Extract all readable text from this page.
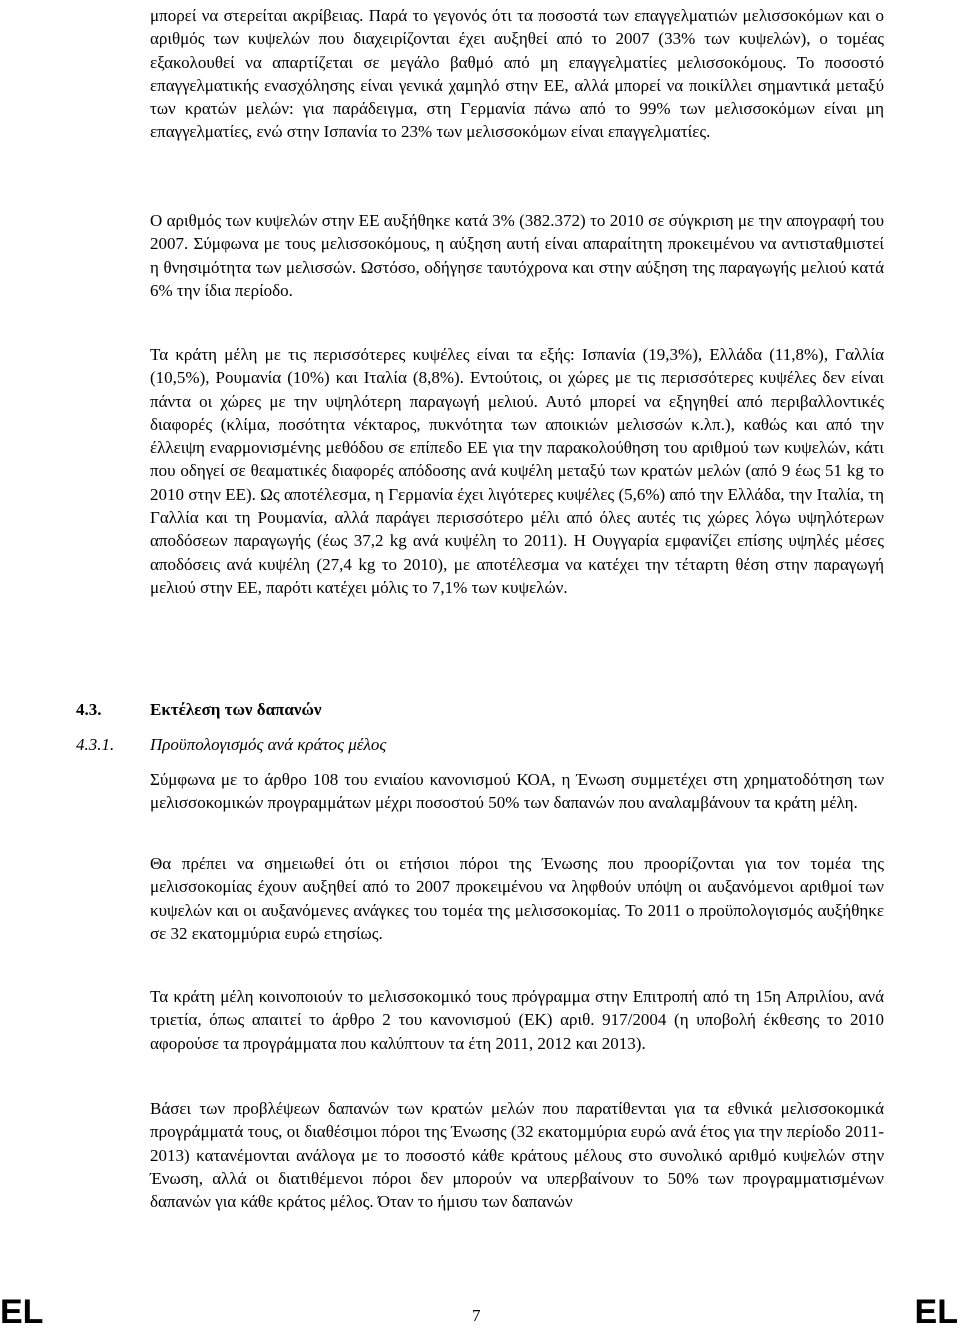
μπορεί να στερείται ακρίβειας. Παρά το γεγονός ότι τα ποσοστά των επαγγελματιών μελισσοκόμων και ο αριθμός των κυψελών που διαχειρίζονται έχει αυξηθεί από το 2007 (33% των κυψελών), ο τομέας εξακολουθεί να απαρτίζεται σε μεγάλο βαθμό από μη επαγγελματίες μελισσοκόμους. Το ποσοστό επαγγελματικής ενασχόλησης είναι γενικά χαμηλό στην ΕΕ, αλλά μπορεί να ποικίλλει σημαντικά μεταξύ των κρατών μελών: για παράδειγμα, στη Γερμανία πάνω από το 99% των μελισσοκόμων είναι μη επαγγελματίες, ενώ στην Ισπανία το 23% των μελισσοκόμων είναι επαγγελματίες.

Ο αριθμός των κυψελών στην ΕΕ αυξήθηκε κατά 3% (382.372) το 2010 σε σύγκριση με την απογραφή του 2007. Σύμφωνα με τους μελισσοκόμους, η αύξηση αυτή είναι απαραίτητη προκειμένου να αντισταθμιστεί η θνησιμότητα των μελισσών. Ωστόσο, οδήγησε ταυτόχρονα και στην αύξηση της παραγωγής μελιού κατά 6% την ίδια περίοδο.

Τα κράτη μέλη με τις περισσότερες κυψέλες είναι τα εξής: Ισπανία (19,3%), Ελλάδα (11,8%), Γαλλία (10,5%), Ρουμανία (10%) και Ιταλία (8,8%). Εντούτοις, οι χώρες με τις περισσότερες κυψέλες δεν είναι πάντα οι χώρες με την υψηλότερη παραγωγή μελιού. Αυτό μπορεί να εξηγηθεί από περιβαλλοντικές διαφορές (κλίμα, ποσότητα νέκταρος, πυκνότητα των αποικιών μελισσών κ.λπ.), καθώς και από την έλλειψη εναρμονισμένης μεθόδου σε επίπεδο ΕΕ για την παρακολούθηση του αριθμού των κυψελών, κάτι που οδηγεί σε θεαματικές διαφορές απόδοσης ανά κυψέλη μεταξύ των κρατών μελών (από 9 έως 51 kg το 2010 στην ΕΕ). Ως αποτέλεσμα, η Γερμανία έχει λιγότερες κυψέλες (5,6%) από την Ελλάδα, την Ιταλία, τη Γαλλία και τη Ρουμανία, αλλά παράγει περισσότερο μέλι από όλες αυτές τις χώρες λόγω υψηλότερων αποδόσεων παραγωγής (έως 37,2 kg ανά κυψέλη το 2011). Η Ουγγαρία εμφανίζει επίσης υψηλές μέσες αποδόσεις ανά κυψέλη (27,4 kg το 2010), με αποτέλεσμα να κατέχει την τέταρτη θέση στην παραγωγή μελιού στην ΕΕ, παρότι κατέχει μόλις το 7,1% των κυψελών.

4.3.	Εκτέλεση των δαπανών
4.3.1. Προϋπολογισμός ανά κράτος μέλος

Σύμφωνα με το άρθρο 108 του ενιαίου κανονισμού ΚΟΑ, η Ένωση συμμετέχει στη χρηματοδότηση των μελισσοκομικών προγραμμάτων μέχρι ποσοστού 50% των δαπανών που αναλαμβάνουν τα κράτη μέλη.

Θα πρέπει να σημειωθεί ότι οι ετήσιοι πόροι της Ένωσης που προορίζονται για τον τομέα της μελισσοκομίας έχουν αυξηθεί από το 2007 προκειμένου να ληφθούν υπόψη οι αυξανόμενοι αριθμοί των κυψελών και οι αυξανόμενες ανάγκες του τομέα της μελισσοκομίας. Το 2011 ο προϋπολογισμός αυξήθηκε σε 32 εκατομμύρια ευρώ ετησίως.

Τα κράτη μέλη κοινοποιούν το μελισσοκομικό τους πρόγραμμα στην Επιτροπή από τη 15η Απριλίου, ανά τριετία, όπως απαιτεί το άρθρο 2 του κανονισμού (ΕΚ) αριθ. 917/2004 (η υποβολή έκθεσης το 2010 αφορούσε τα προγράμματα που καλύπτουν τα έτη 2011, 2012 και 2013).

Βάσει των προβλέψεων δαπανών των κρατών μελών που παρατίθενται για τα εθνικά μελισσοκομικά προγράμματά τους, οι διαθέσιμοι πόροι της Ένωσης (32 εκατομμύρια ευρώ ανά έτος για την περίοδο 2011-2013) κατανέμονται ανάλογα με το ποσοστό κάθε κράτους μέλους στο συνολικό αριθμό κυψελών στην Ένωση, αλλά οι διατιθέμενοι πόροι δεν μπορούν να υπερβαίνουν το 50% των προγραμματισμένων δαπανών για κάθε κράτος μέλος. Όταν το ήμισυ των δαπανών

EL	7	EL
